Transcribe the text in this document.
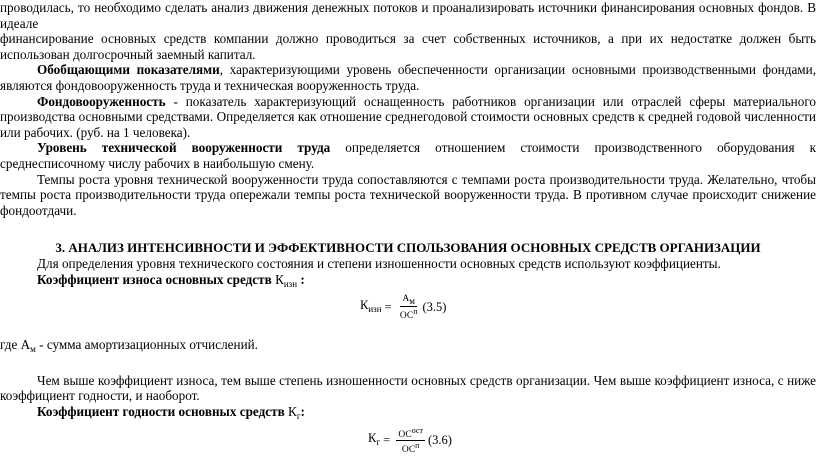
проводилась, то необходимо сделать анализ движения денежных потоков и проанализировать источники финансирования основных фондов. В идеале

финансирование основных средств компании должно проводиться за счет собственных источников, а при их недостатке должен быть

использован долгосрочный заемный капитал.

Обобщающими показателями, характеризующими уровень обеспеченности организации основными производственными фондами, являются фондовооруженность труда и техническая вооруженность труда.

Фондовооруженность - показатель характеризующий оснащенность работников организации или отраслей сферы материального производства основными средствами. Определяется как отношение среднегодовой стоимости основных средств к средней годовой численности или рабочих. (руб. на 1 человека).

Уровень технической вооруженности труда определяется отношением стоимости производственного оборудования к среднесписочному числу рабочих в наибольшую смену.

Темпы роста уровня технической вооруженности труда сопоставляются с темпами роста производительности труда. Желательно, чтобы темпы роста производительности труда опережали темпы роста технической вооруженности труда. В противном случае происходит снижение фондоотдачи.

3. АНАЛИЗ ИНТЕНСИВНОСТИ И ЭФФЕКТИВНОСТИ СПОЛЬЗОВАНИЯ ОСНОВНЫХ СРЕДСТВ ОРГАНИЗАЦИИ

Для определения уровня технического состояния и степени изношенности основных средств используют коэффициенты.

Коэффициент износа основных средств $К_{изн}$ :

$К_{изн} = \frac{Ам}{ОС^п} (3.5)$

где $А_м$ - сумма амортизационных отчислений.

Чем выше коэффициент износа, тем выше степень изношенности основных средств организации. Чем выше коэффициент износа, с ниже коэффициент годности, и наоборот.

Коэффициент годности основных средств $К_г$:

$К_г = \frac{ОС^{ост}}{ОС^п} (3.6)$
